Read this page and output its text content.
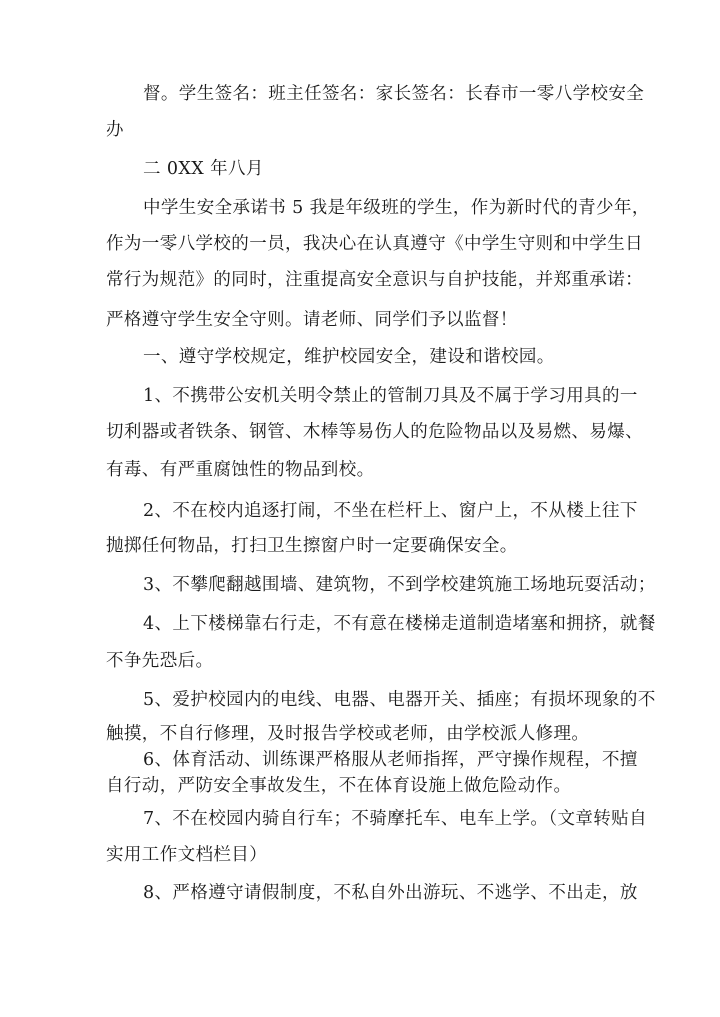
督。学生签名：班主任签名：家长签名：长春市一零八学校安全
办
二 0XX 年八月
中学生安全承诺书 5 我是年级班的学生，作为新时代的青少年，
作为一零八学校的一员，我决心在认真遵守《中学生守则和中学生日
常行为规范》的同时，注重提高安全意识与自护技能，并郑重承诺：
严格遵守学生安全守则。请老师、同学们予以监督！
一、遵守学校规定，维护校园安全，建设和谐校园。
1、不携带公安机关明令禁止的管制刀具及不属于学习用具的一
切利器或者铁条、钢管、木棒等易伤人的危险物品以及易燃、易爆、
有毒、有严重腐蚀性的物品到校。
2、不在校内追逐打闹，不坐在栏杆上、窗户上，不从楼上往下
抛掷任何物品，打扫卫生擦窗户时一定要确保安全。
3、不攀爬翻越围墙、建筑物，不到学校建筑施工场地玩耍活动；
4、上下楼梯靠右行走，不有意在楼梯走道制造堵塞和拥挤，就餐
不争先恐后。
5、爱护校园内的电线、电器、电器开关、插座；有损坏现象的不
触摸，不自行修理，及时报告学校或老师，由学校派人修理。
6、体育活动、训练课严格服从老师指挥，严守操作规程，不擅
自行动，严防安全事故发生，不在体育设施上做危险动作。
7、不在校园内骑自行车；不骑摩托车、电车上学。（文章转贴自
实用工作文档栏目）
8、严格遵守请假制度，不私自外出游玩、不逃学、不出走，放
